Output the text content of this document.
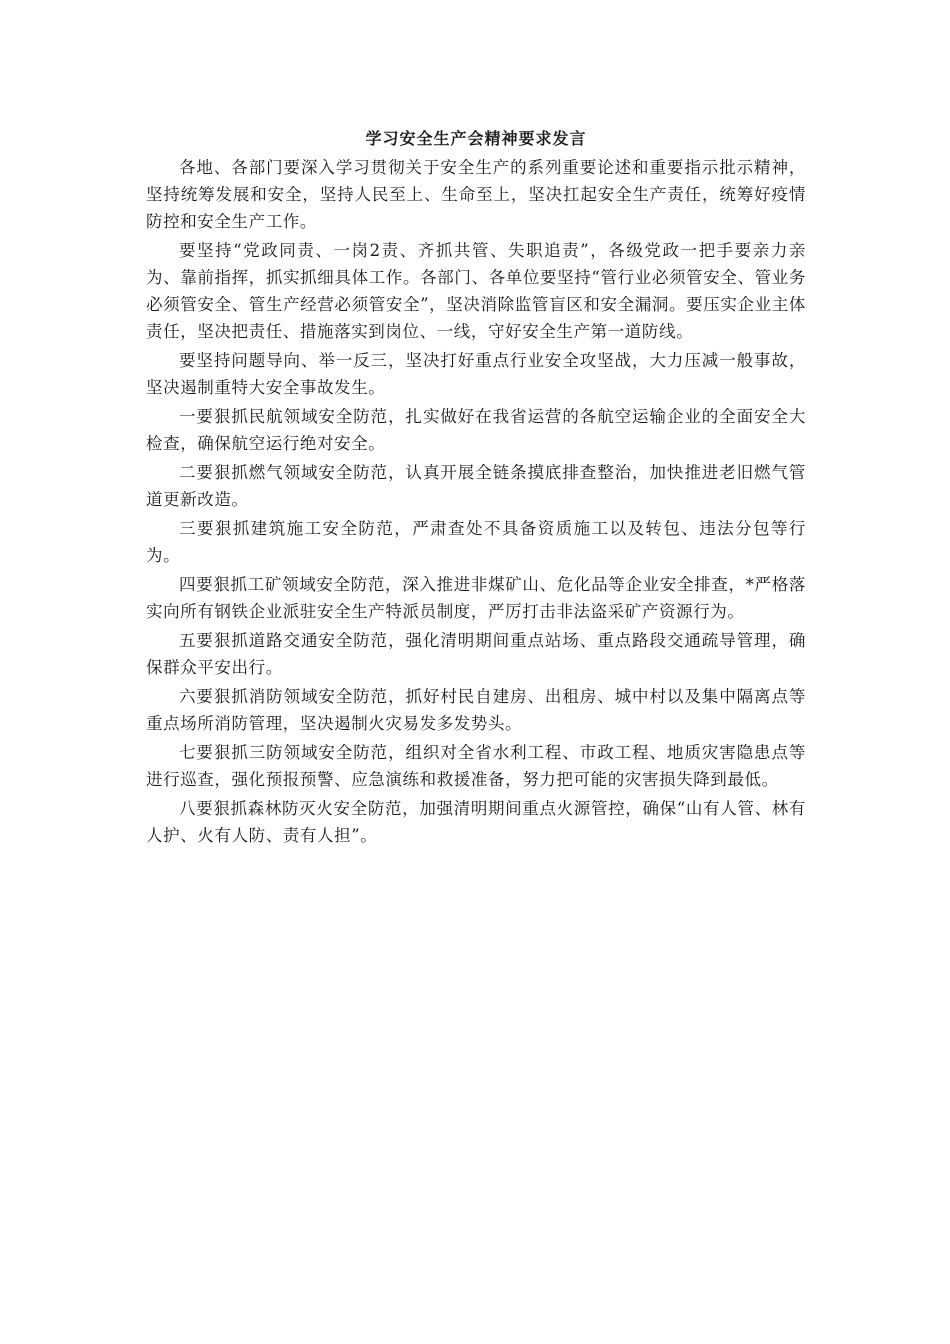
学习安全生产会精神要求发言

各地、各部门要深入学习贯彻关于安全生产的系列重要论述和重要指示批示精神，坚持统筹发展和安全，坚持人民至上、生命至上，坚决扛起安全生产责任，统筹好疫情防控和安全生产工作。

要坚持“党政同责、一岗2责、齐抓共管、失职追责”，各级党政一把手要亲力亲为、靠前指挥，抓实抓细具体工作。各部门、各单位要坚持“管行业必须管安全、管业务必须管安全、管生产经营必须管安全”，坚决消除监管盲区和安全漏洞。要压实企业主体责任，坚决把责任、措施落实到岗位、一线，守好安全生产第一道防线。

要坚持问题导向、举一反三，坚决打好重点行业安全攻坚战，大力压减一般事故，坚决遏制重特大安全事故发生。

一要狠抓民航领域安全防范，扎实做好在我省运营的各航空运输企业的全面安全大检查，确保航空运行绝对安全。

二要狠抓燃气领域安全防范，认真开展全链条摸底排查整治，加快推进老旧燃气管道更新改造。

三要狠抓建筑施工安全防范，严肃查处不具备资质施工以及转包、违法分包等行为。

四要狠抓工矿领域安全防范，深入推进非煤矿山、危化品等企业安全排查，*严格落实向所有钢铁企业派驻安全生产特派员制度，严厉打击非法盗采矿产资源行为。

五要狠抓道路交通安全防范，强化清明期间重点站场、重点路段交通疏导管理，确保群众平安出行。

六要狠抓消防领域安全防范，抓好村民自建房、出租房、城中村以及集中隔离点等重点场所消防管理，坚决遏制火灾易发多发势头。

七要狠抓三防领域安全防范，组织对全省水利工程、市政工程、地质灾害隐患点等进行巡查，强化预报预警、应急演练和救援准备，努力把可能的灾害损失降到最低。

八要狠抓森林防灭火安全防范，加强清明期间重点火源管控，确保“山有人管、林有人护、火有人防、责有人担”。
